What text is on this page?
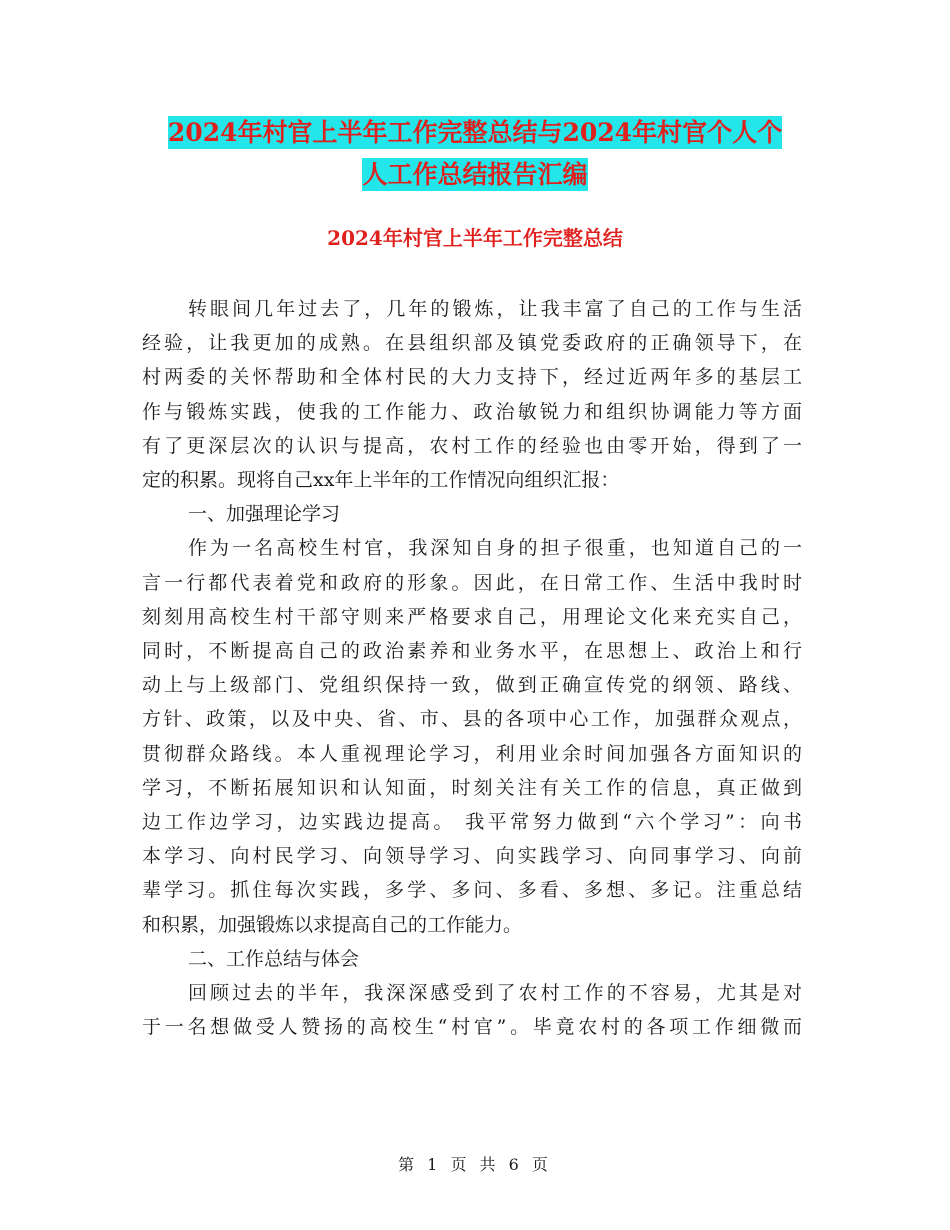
2024年村官上半年工作完整总结与2024年村官个人个
人工作总结报告汇编
2024年村官上半年工作完整总结
转眼间几年过去了，几年的锻炼，让我丰富了自己的工作与生活
经验，让我更加的成熟。在县组织部及镇党委政府的正确领导下，在
村两委的关怀帮助和全体村民的大力支持下，经过近两年多的基层工
作与锻炼实践，使我的工作能力、政治敏锐力和组织协调能力等方面
有了更深层次的认识与提高，农村工作的经验也由零开始，得到了一
定的积累。现将自己xx年上半年的工作情况向组织汇报：
一、加强理论学习
作为一名高校生村官，我深知自身的担子很重，也知道自己的一
言一行都代表着党和政府的形象。因此，在日常工作、生活中我时时
刻刻用高校生村干部守则来严格要求自己，用理论文化来充实自己，
同时，不断提高自己的政治素养和业务水平，在思想上、政治上和行
动上与上级部门、党组织保持一致，做到正确宣传党的纲领、路线、
方针、政策，以及中央、省、市、县的各项中心工作，加强群众观点，
贯彻群众路线。本人重视理论学习，利用业余时间加强各方面知识的
学习，不断拓展知识和认知面，时刻关注有关工作的信息，真正做到
边工作边学习，边实践边提高。 我平常努力做到“六个学习”：向书
本学习、向村民学习、向领导学习、向实践学习、向同事学习、向前
辈学习。抓住每次实践，多学、多问、多看、多想、多记。注重总结
和积累，加强锻炼以求提高自己的工作能力。
二、工作总结与体会
回顾过去的半年，我深深感受到了农村工作的不容易，尤其是对
于一名想做受人赞扬的高校生“村官”。毕竟农村的各项工作细微而
第 1 页 共 6 页
